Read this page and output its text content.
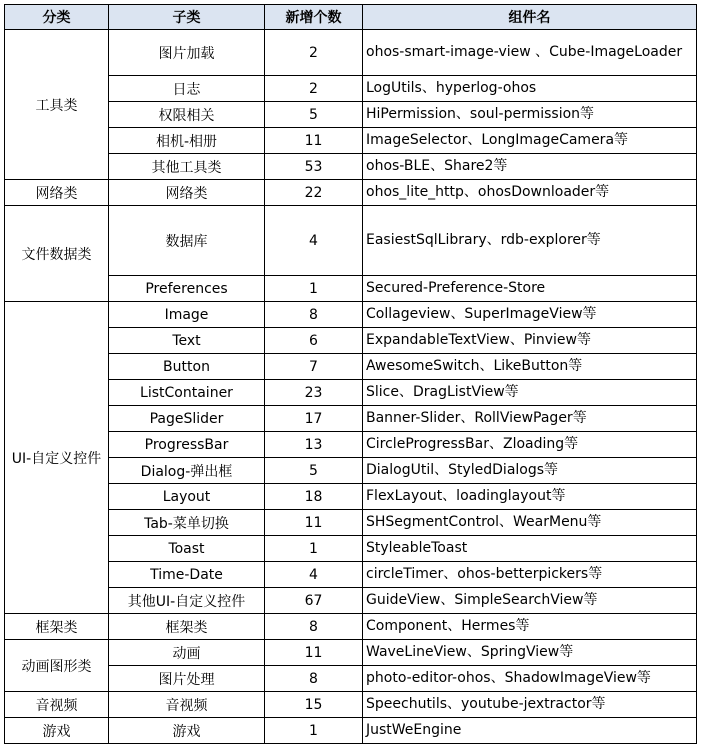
分类	子类	新增个数	组件名
工具类	图片加载	2	ohos-smart-image-view 、Cube-ImageLoader
	日志	2	LogUtils、hyperlog-ohos
	权限相关	5	HiPermission、soul-permission等
	相机-相册	11	ImageSelector、LongImageCamera等
	其他工具类	53	ohos-BLE、Share2等
网络类	网络类	22	ohos_lite_http、ohosDownloader等
文件数据类	数据库	4	EasiestSqlLibrary、rdb-explorer等
	Preferences	1	Secured-Preference-Store
UI-自定义控件	Image	8	Collageview、SuperImageView等
	Text	6	ExpandableTextView、Pinview等
	Button	7	AwesomeSwitch、LikeButton等
	ListContainer	23	Slice、DragListView等
	PageSlider	17	Banner-Slider、RollViewPager等
	ProgressBar	13	CircleProgressBar、Zloading等
	Dialog-弹出框	5	DialogUtil、StyledDialogs等
	Layout	18	FlexLayout、loadinglayout等
	Tab-菜单切换	11	SHSegmentControl、WearMenu等
	Toast	1	StyleableToast
	Time-Date	4	circleTimer、ohos-betterpickers等
	其他UI-自定义控件	67	GuideView、SimpleSearchView等
框架类	框架类	8	Component、Hermes等
动画图形类	动画	11	WaveLineView、SpringView等
	图片处理	8	photo-editor-ohos、ShadowImageView等
音视频	音视频	15	Speechutils、youtube-jextractor等
游戏	游戏	1	JustWeEngine
